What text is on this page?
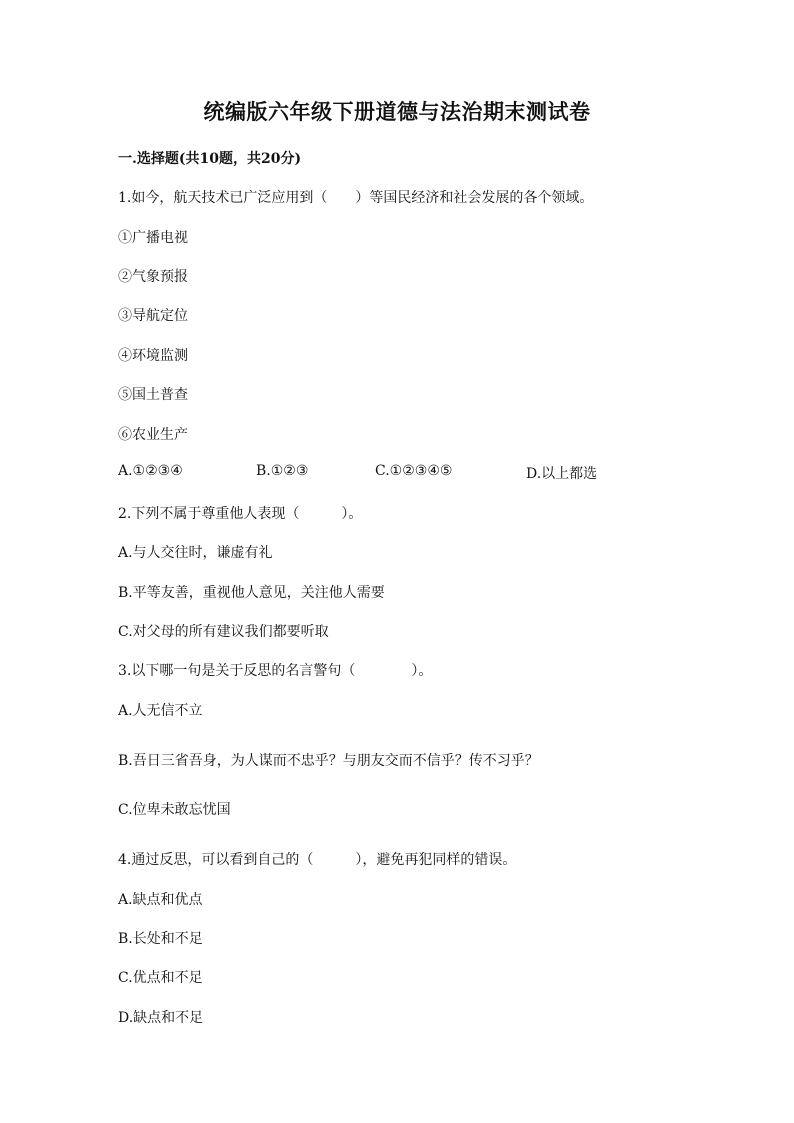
统编版六年级下册道德与法治期末测试卷
一.选择题(共10题，共20分)
1.如今，航天技术已广泛应用到（　　）等国民经济和社会发展的各个领域。
①广播电视
②气象预报
③导航定位
④环境监测
⑤国土普查
⑥农业生产
A.①②③④	B.①②③	C.①②③④⑤	D.以上都选
2.下列不属于尊重他人表现（　　　）。
A.与人交往时，谦虚有礼
B.平等友善，重视他人意见，关注他人需要
C.对父母的所有建议我们都要听取
3.以下哪一句是关于反思的名言警句（　　　　）。
A.人无信不立
B.吾日三省吾身，为人谋而不忠乎？与朋友交而不信乎？传不习乎？
C.位卑未敢忘忧国
4.通过反思，可以看到自己的（　　　），避免再犯同样的错误。
A.缺点和优点
B.长处和不足
C.优点和不足
D.缺点和不足
